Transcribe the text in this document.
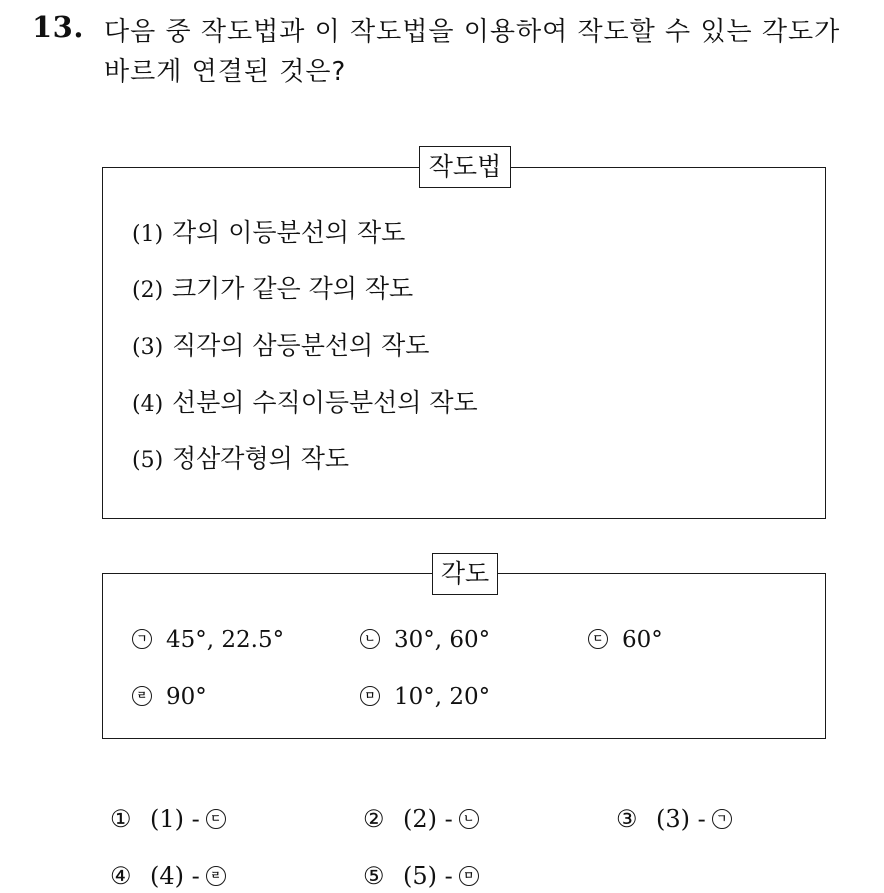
13. 다음 중 작도법과 이 작도법을 이용하여 작도할 수 있는 각도가 바르게 연결된 것은?
작도법
(1) 각의 이등분선의 작도
(2) 크기가 같은 각의 작도
(3) 직각의 삼등분선의 작도
(4) 선분의 수직이등분선의 작도
(5) 정삼각형의 작도
각도
ㄱ 45°, 22.5°	ㄴ 30°, 60°	ㄷ 60°
ㄹ 90°	ㅁ 10°, 20°
① (1) - ㄷ	② (2) - ㄴ	③ (3) - ㄱ
④ (4) - ㄹ	⑤ (5) - ㅁ
